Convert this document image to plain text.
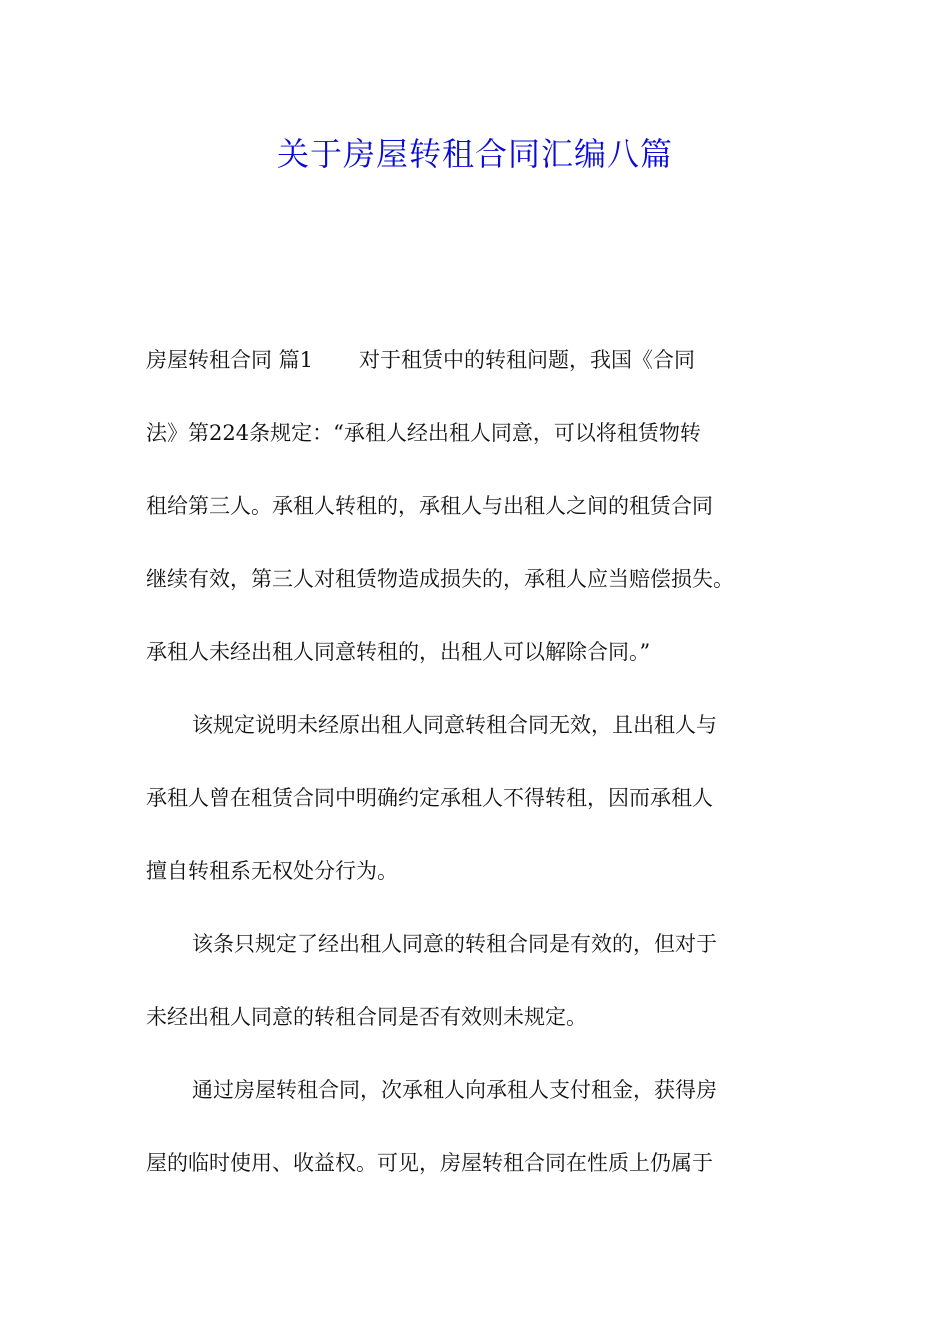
关于房屋转租合同汇编八篇
房屋转租合同 篇1 对于租赁中的转租问题，我国《合同
法》第224条规定：“承租人经出租人同意，可以将租赁物转
租给第三人。承租人转租的，承租人与出租人之间的租赁合同
继续有效，第三人对租赁物造成损失的，承租人应当赔偿损失。
承租人未经出租人同意转租的，出租人可以解除合同。”
该规定说明未经原出租人同意转租合同无效，且出租人与
承租人曾在租赁合同中明确约定承租人不得转租，因而承租人
擅自转租系无权处分行为。
该条只规定了经出租人同意的转租合同是有效的，但对于
未经出租人同意的转租合同是否有效则未规定。
通过房屋转租合同，次承租人向承租人支付租金，获得房
屋的临时使用、收益权。可见，房屋转租合同在性质上仍属于
